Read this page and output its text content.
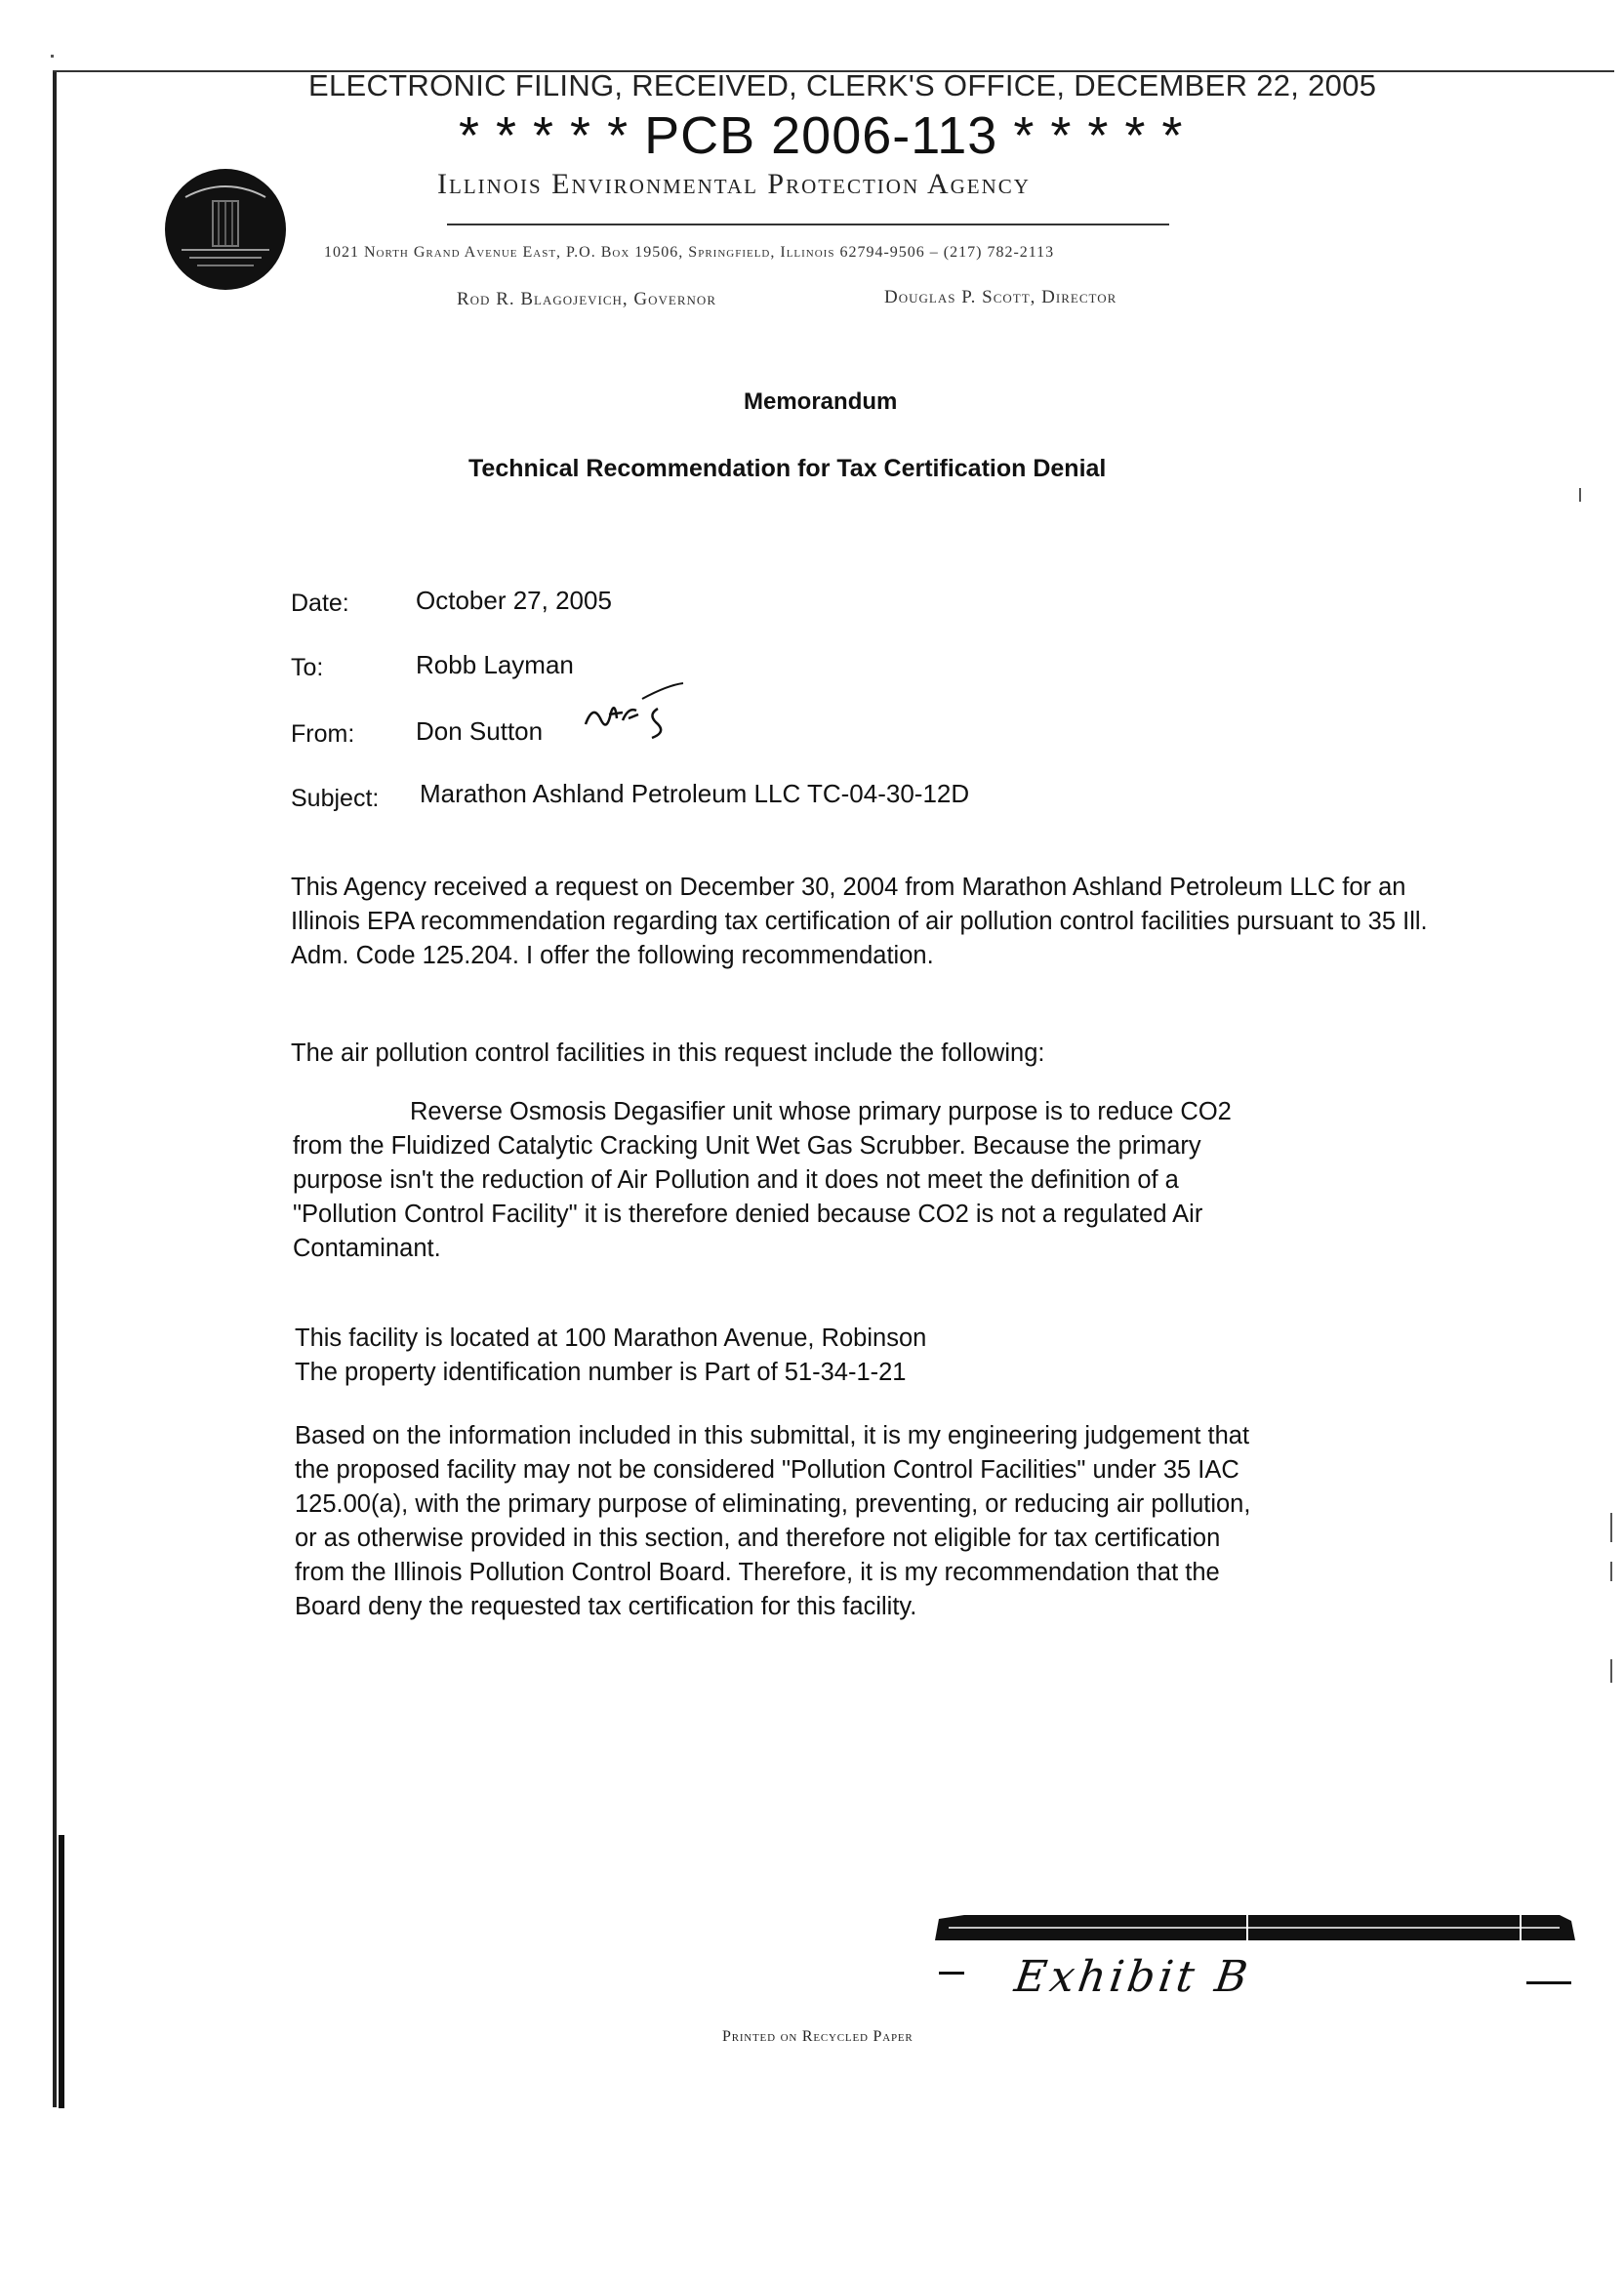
ELECTRONIC FILING, RECEIVED, CLERK'S OFFICE, DECEMBER 22, 2005
* * * * * PCB 2006-113 * * * * *
Illinois Environmental Protection Agency
1021 North Grand Avenue East, P.O. Box 19506, Springfield, Illinois 62794-9506 – (217) 782-2113
Rod R. Blagojevich, Governor	Douglas P. Scott, Director
Memorandum
Technical Recommendation for Tax Certification Denial
Date:	October 27, 2005
To:	Robb Layman
From: Don Sutton
Subject: Marathon Ashland Petroleum LLC TC-04-30-12D
This Agency received a request on December 30, 2004 from Marathon Ashland Petroleum LLC for an
Illinois EPA recommendation regarding tax certification of air pollution control facilities pursuant to 35 Ill.
Adm. Code 125.204. I offer the following recommendation.
The air pollution control facilities in this request include the following:
Reverse Osmosis Degasifier unit whose primary purpose is to reduce CO2
from the Fluidized Catalytic Cracking Unit Wet Gas Scrubber. Because the primary
purpose isn't the reduction of Air Pollution and it does not meet the definition of a
"Pollution Control Facility" it is therefore denied because CO2 is not a regulated Air
Contaminant.
This facility is located at 100 Marathon Avenue, Robinson
The property identification number is Part of 51-34-1-21
Based on the information included in this submittal, it is my engineering judgement that
the proposed facility may not be considered "Pollution Control Facilities" under 35 IAC
125.00(a), with the primary purpose of eliminating, preventing, or reducing air pollution,
or as otherwise provided in this section, and therefore not eligible for tax certification
from the Illinois Pollution Control Board. Therefore, it is my recommendation that the
Board deny the requested tax certification for this facility.
Exhibit B
Printed on Recycled Paper
